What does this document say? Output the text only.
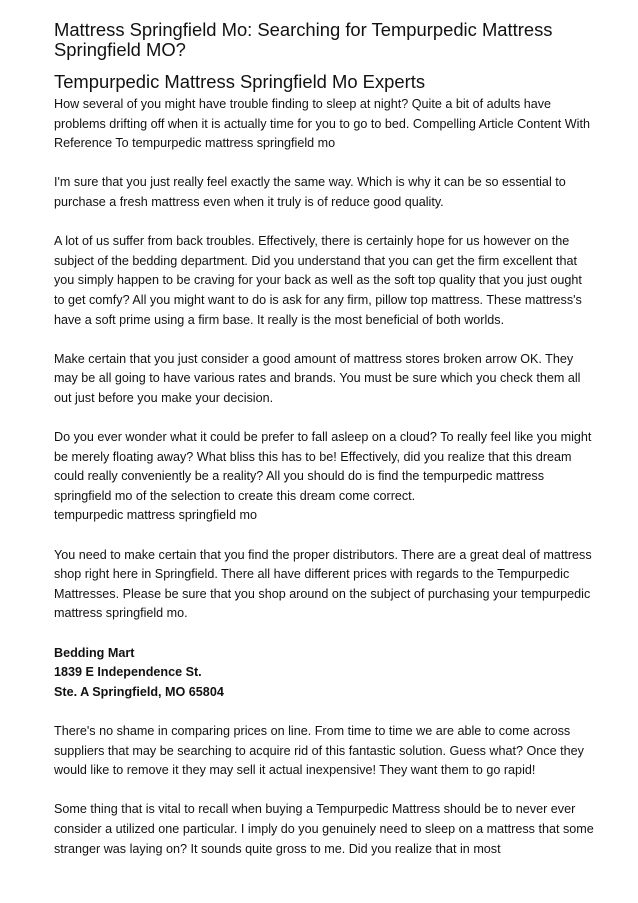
Mattress Springfield Mo: Searching for Tempurpedic Mattress Springfield MO?
Tempurpedic Mattress Springfield Mo Experts

How several of you might have trouble finding to sleep at night? Quite a bit of adults have problems drifting off when it is actually time for you to go to bed. Compelling Article Content With Reference To tempurpedic mattress springfield mo

I'm sure that you just really feel exactly the same way. Which is why it can be so essential to purchase a fresh mattress even when it truly is of reduce good quality.

A lot of us suffer from back troubles. Effectively, there is certainly hope for us however on the subject of the bedding department. Did you understand that you can get the firm excellent that you simply happen to be craving for your back as well as the soft top quality that you just ought to get comfy? All you might want to do is ask for any firm, pillow top mattress. These mattress's have a soft prime using a firm base. It really is the most beneficial of both worlds.

Make certain that you just consider a good amount of mattress stores broken arrow OK. They may be all going to have various rates and brands. You must be sure which you check them all out just before you make your decision.

Do you ever wonder what it could be prefer to fall asleep on a cloud? To really feel like you might be merely floating away? What bliss this has to be! Effectively, did you realize that this dream could really conveniently be a reality? All you should do is find the tempurpedic mattress springfield mo of the selection to create this dream come correct.

tempurpedic mattress springfield mo

You need to make certain that you find the proper distributors. There are a great deal of mattress shop right here in Springfield. There all have different prices with regards to the Tempurpedic Mattresses. Please be sure that you shop around on the subject of purchasing your tempurpedic mattress springfield mo.

Bedding Mart

1839 E Independence St.

Ste. A Springfield, MO 65804

There's no shame in comparing prices on line. From time to time we are able to come across suppliers that may be searching to acquire rid of this fantastic solution. Guess what? Once they would like to remove it they may sell it actual inexpensive! They want them to go rapid!

Some thing that is vital to recall when buying a Tempurpedic Mattress should be to never ever consider a utilized one particular. I imply do you genuinely need to sleep on a mattress that some stranger was laying on? It sounds quite gross to me. Did you realize that in most
